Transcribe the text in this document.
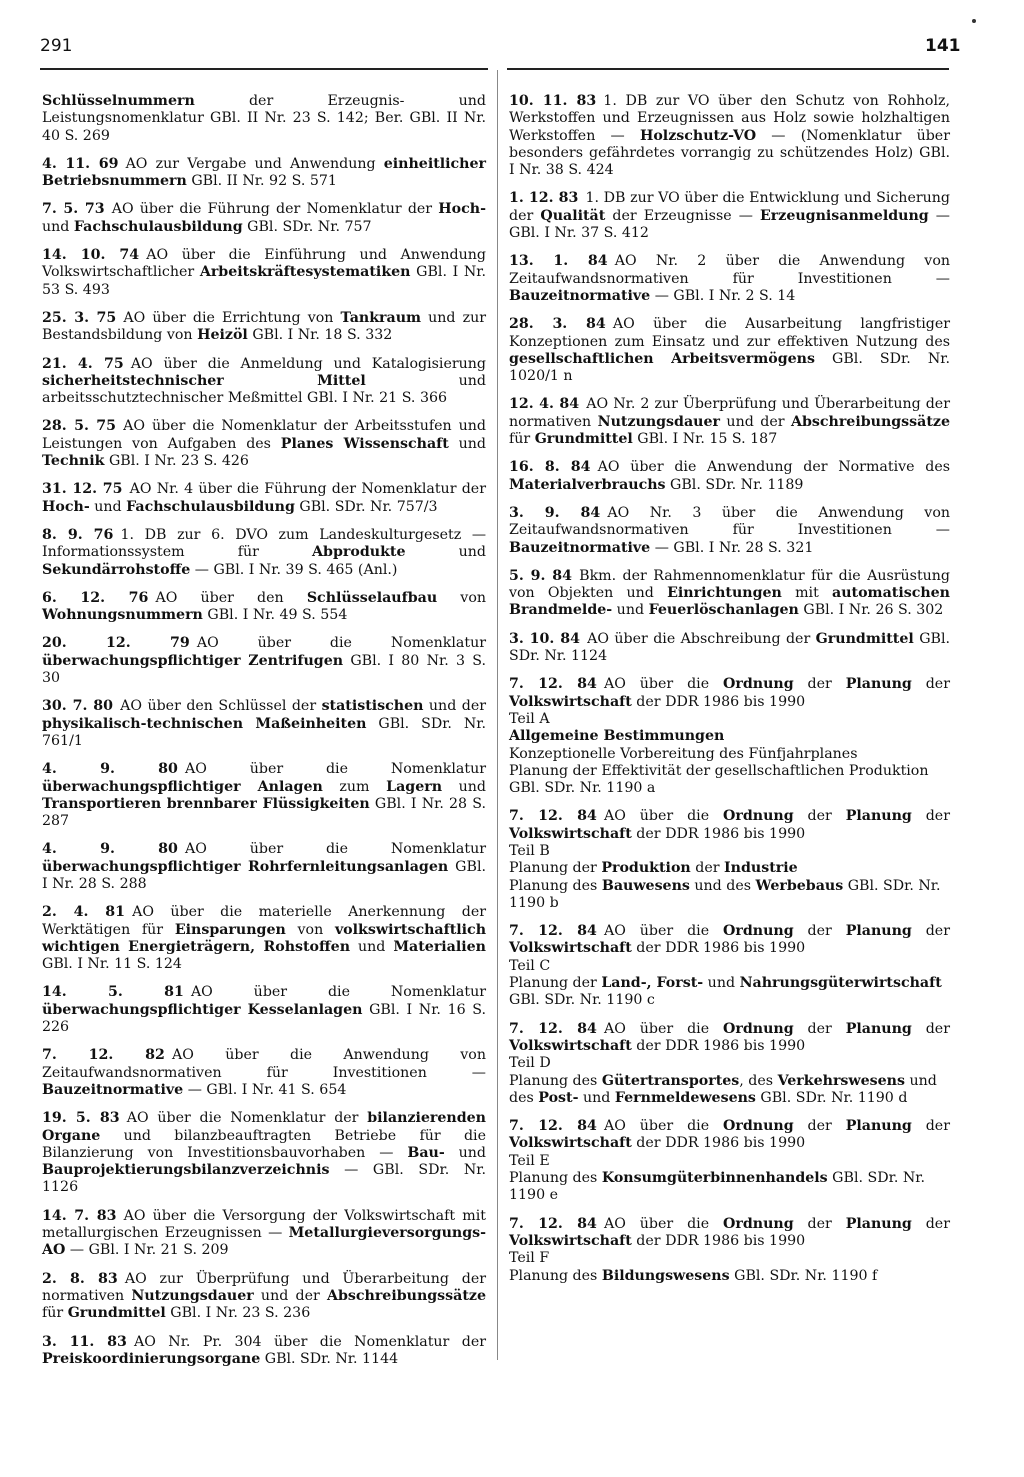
291	141

Schlüsselnummern der Erzeugnis- und Leistungsnomenklatur GBl. II Nr. 23 S. 142; Ber. GBl. II Nr. 40 S. 269

4. 11. 69  AO zur Vergabe und Anwendung einheitlicher Betriebsnummern GBl. II Nr. 92 S. 571

7. 5. 73  AO über die Führung der Nomenklatur der Hoch- und Fachschulausbildung GBl. SDr. Nr. 757

14. 10. 74  AO über die Einführung und Anwendung Volkswirtschaftlicher Arbeitskräftesystematiken GBl. I Nr. 53 S. 493

25. 3. 75  AO über die Errichtung von Tankraum und zur Bestandsbildung von Heizöl GBl. I Nr. 18 S. 332

21. 4. 75  AO über die Anmeldung und Katalogisierung sicherheitstechnischer Mittel und arbeitsschutztechnischer Meßmittel GBl. I Nr. 21 S. 366

28. 5. 75  AO über die Nomenklatur der Arbeitsstufen und Leistungen von Aufgaben des Planes Wissenschaft und Technik GBl. I Nr. 23 S. 426

31. 12. 75  AO Nr. 4 über die Führung der Nomenklatur der Hoch- und Fachschulausbildung GBl. SDr. Nr. 757/3

8. 9. 76  1. DB zur 6. DVO zum Landeskulturgesetz — Informationssystem für Abprodukte und Sekundärrohstoffe — GBl. I Nr. 39 S. 465 (Anl.)

6. 12. 76  AO über den Schlüsselaufbau von Wohnungsnummern GBl. I Nr. 49 S. 554

20. 12. 79  AO über die Nomenklatur überwachungspflichtiger Zentrifugen GBl. I 80 Nr. 3 S. 30

30. 7. 80  AO über den Schlüssel der statistischen und der physikalisch-technischen Maßeinheiten GBl. SDr. Nr. 761/1

4. 9. 80  AO über die Nomenklatur überwachungspflichtiger Anlagen zum Lagern und Transportieren brennbarer Flüssigkeiten GBl. I Nr. 28 S. 287

4. 9. 80  AO über die Nomenklatur überwachungspflichtiger Rohrfernleitungsanlagen GBl. I Nr. 28 S. 288

2. 4. 81  AO über die materielle Anerkennung der Werktätigen für Einsparungen von volkswirtschaftlich wichtigen Energieträgern, Rohstoffen und Materialien GBl. I Nr. 11 S. 124

14. 5. 81  AO über die Nomenklatur überwachungspflichtiger Kesselanlagen GBl. I Nr. 16 S. 226

7. 12. 82  AO über die Anwendung von Zeitaufwandsnormativen für Investitionen — Bauzeitnormative — GBl. I Nr. 41 S. 654

19. 5. 83  AO über die Nomenklatur der bilanzierenden Organe und bilanzbeauftragten Betriebe für die Bilanzierung von Investitionsbauvorhaben — Bau- und Bauprojektierungsbilanzverzeichnis — GBl. SDr. Nr. 1126

14. 7. 83  AO über die Versorgung der Volkswirtschaft mit metallurgischen Erzeugnissen — Metallurgieversorgungs-AO — GBl. I Nr. 21 S. 209

2. 8. 83  AO zur Überprüfung und Überarbeitung der normativen Nutzungsdauer und der Abschreibungssätze für Grundmittel GBl. I Nr. 23 S. 236

3. 11. 83  AO Nr. Pr. 304 über die Nomenklatur der Preiskoordinierungsorgane GBl. SDr. Nr. 1144

10. 11. 83  1. DB zur VO über den Schutz von Rohholz, Werkstoffen und Erzeugnissen aus Holz sowie holzhaltigen Werkstoffen — Holzschutz-VO — (Nomenklatur über besonders gefährdetes vorrangig zu schützendes Holz) GBl. I Nr. 38 S. 424

1. 12. 83  1. DB zur VO über die Entwicklung und Sicherung der Qualität der Erzeugnisse — Erzeugnisanmeldung — GBl. I Nr. 37 S. 412

13. 1. 84  AO Nr. 2 über die Anwendung von Zeitaufwandsnormativen für Investitionen — Bauzeitnormative — GBl. I Nr. 2 S. 14

28. 3. 84  AO über die Ausarbeitung langfristiger Konzeptionen zum Einsatz und zur effektiven Nutzung des gesellschaftlichen Arbeitsvermögens GBl. SDr. Nr. 1020/1 n

12. 4. 84  AO Nr. 2 zur Überprüfung und Überarbeitung der normativen Nutzungsdauer und der Abschreibungssätze für Grundmittel GBl. I Nr. 15 S. 187

16. 8. 84  AO über die Anwendung der Normative des Materialverbrauchs GBl. SDr. Nr. 1189

3. 9. 84  AO Nr. 3 über die Anwendung von Zeitaufwandsnormativen für Investitionen — Bauzeitnormative — GBl. I Nr. 28 S. 321

5. 9. 84  Bkm. der Rahmennomenklatur für die Ausrüstung von Objekten und Einrichtungen mit automatischen Brandmelde- und Feuerlöschanlagen GBl. I Nr. 26 S. 302

3. 10. 84  AO über die Abschreibung der Grundmittel GBl. SDr. Nr. 1124

7. 12. 84  AO über die Ordnung der Planung der Volkswirtschaft der DDR 1986 bis 1990

Teil A

Allgemeine Bestimmungen

Konzeptionelle Vorbereitung des Fünfjahrplanes

Planung der Effektivität der gesellschaftlichen Produktion GBl. SDr. Nr. 1190 a

7. 12. 84  AO über die Ordnung der Planung der Volkswirtschaft der DDR 1986 bis 1990

Teil B

Planung der Produktion der Industrie

Planung des Bauwesens und des Werbebaus GBl. SDr. Nr. 1190 b

7. 12. 84  AO über die Ordnung der Planung der Volkswirtschaft der DDR 1986 bis 1990

Teil C

Planung der Land-, Forst- und Nahrungsgüterwirtschaft GBl. SDr. Nr. 1190 c

7. 12. 84  AO über die Ordnung der Planung der Volkswirtschaft der DDR 1986 bis 1990

Teil D

Planung des Gütertransportes, des Verkehrswesens und des Post- und Fernmeldewesens GBl. SDr. Nr. 1190 d

7. 12. 84  AO über die Ordnung der Planung der Volkswirtschaft der DDR 1986 bis 1990

Teil E

Planung des Konsumgüterbinnenhandels GBl. SDr. Nr. 1190 e

7. 12. 84  AO über die Ordnung der Planung der Volkswirtschaft der DDR 1986 bis 1990

Teil F

Planung des Bildungswesens GBl. SDr. Nr. 1190 f
